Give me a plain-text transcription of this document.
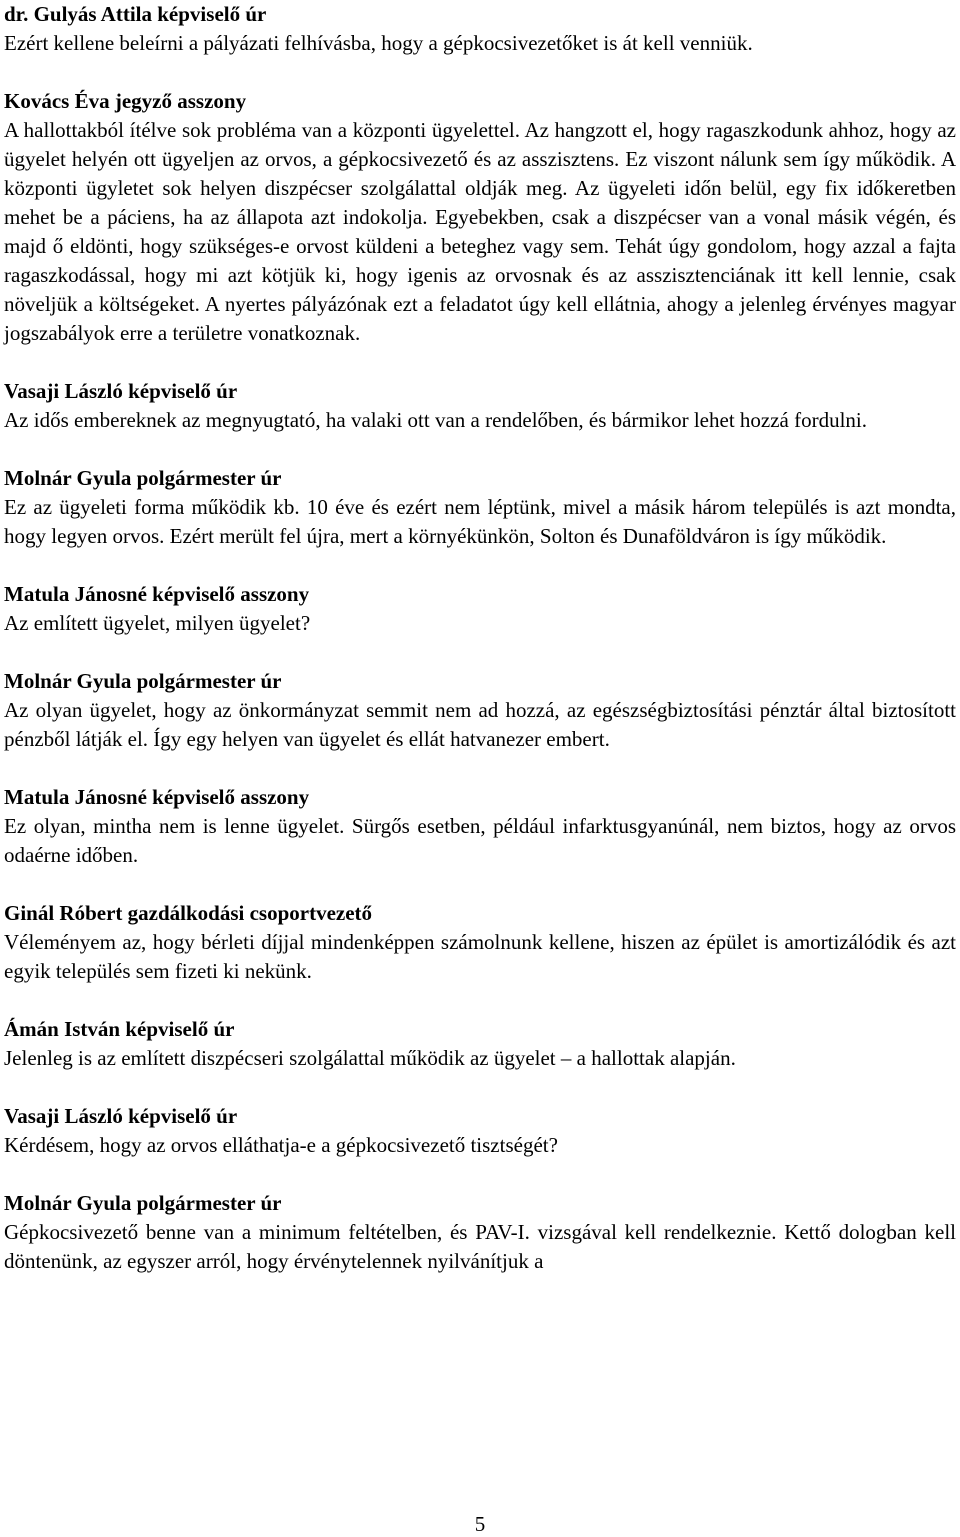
dr. Gulyás Attila képviselő úr

Ezért kellene beleírni a pályázati felhívásba, hogy a gépkocsivezetőket is át kell venniük.

Kovács Éva jegyző asszony

A hallottakból ítélve sok probléma van a központi ügyelettel. Az hangzott el, hogy ragaszkodunk ahhoz, hogy az ügyelet helyén ott ügyeljen az orvos, a gépkocsivezető és az asszisztens. Ez viszont nálunk sem így működik. A központi ügyletet sok helyen diszpécser szolgálattal oldják meg. Az ügyeleti időn belül, egy fix időkeretben mehet be a páciens, ha az állapota azt indokolja. Egyebekben, csak a diszpécser van a vonal másik végén, és majd ő eldönti, hogy szükséges-e orvost küldeni a beteghez vagy sem. Tehát úgy gondolom, hogy azzal a fajta ragaszkodással, hogy mi azt kötjük ki, hogy igenis az orvosnak és az asszisztenciának itt kell lennie, csak növeljük a költségeket. A nyertes pályázónak ezt a feladatot úgy kell ellátnia, ahogy a jelenleg érvényes magyar jogszabályok erre a területre vonatkoznak.

Vasaji László képviselő úr

Az idős embereknek az megnyugtató, ha valaki ott van a rendelőben, és bármikor lehet hozzá fordulni.

Molnár Gyula polgármester úr

Ez az ügyeleti forma működik kb. 10 éve és ezért nem léptünk, mivel a másik három település is azt mondta, hogy legyen orvos. Ezért merült fel újra, mert a környékünkön, Solton és Dunaföldváron is így működik.

Matula Jánosné képviselő asszony

Az említett ügyelet, milyen ügyelet?

Molnár Gyula polgármester úr

Az olyan ügyelet, hogy az önkormányzat semmit nem ad hozzá, az egészségbiztosítási pénztár által biztosított pénzből látják el. Így egy helyen van ügyelet és ellát hatvanezer embert.

Matula Jánosné képviselő asszony

Ez olyan, mintha nem is lenne ügyelet. Sürgős esetben, például infarktusgyanúnál, nem biztos, hogy az orvos odaérne időben.

Ginál Róbert gazdálkodási csoportvezető

Véleményem az, hogy bérleti díjjal mindenképpen számolnunk kellene, hiszen az épület is amortizálódik és azt egyik település sem fizeti ki nekünk.

Ámán István képviselő úr

Jelenleg is az említett diszpécseri szolgálattal működik az ügyelet – a hallottak alapján.

Vasaji László képviselő úr

Kérdésem, hogy az orvos elláthatja-e a gépkocsivezető tisztségét?

Molnár Gyula polgármester úr

Gépkocsivezető benne van a minimum feltételben, és PAV-I. vizsgával kell rendelkeznie. Kettő dologban kell döntenünk, az egyszer arról, hogy érvénytelennek nyilvánítjuk a

5
